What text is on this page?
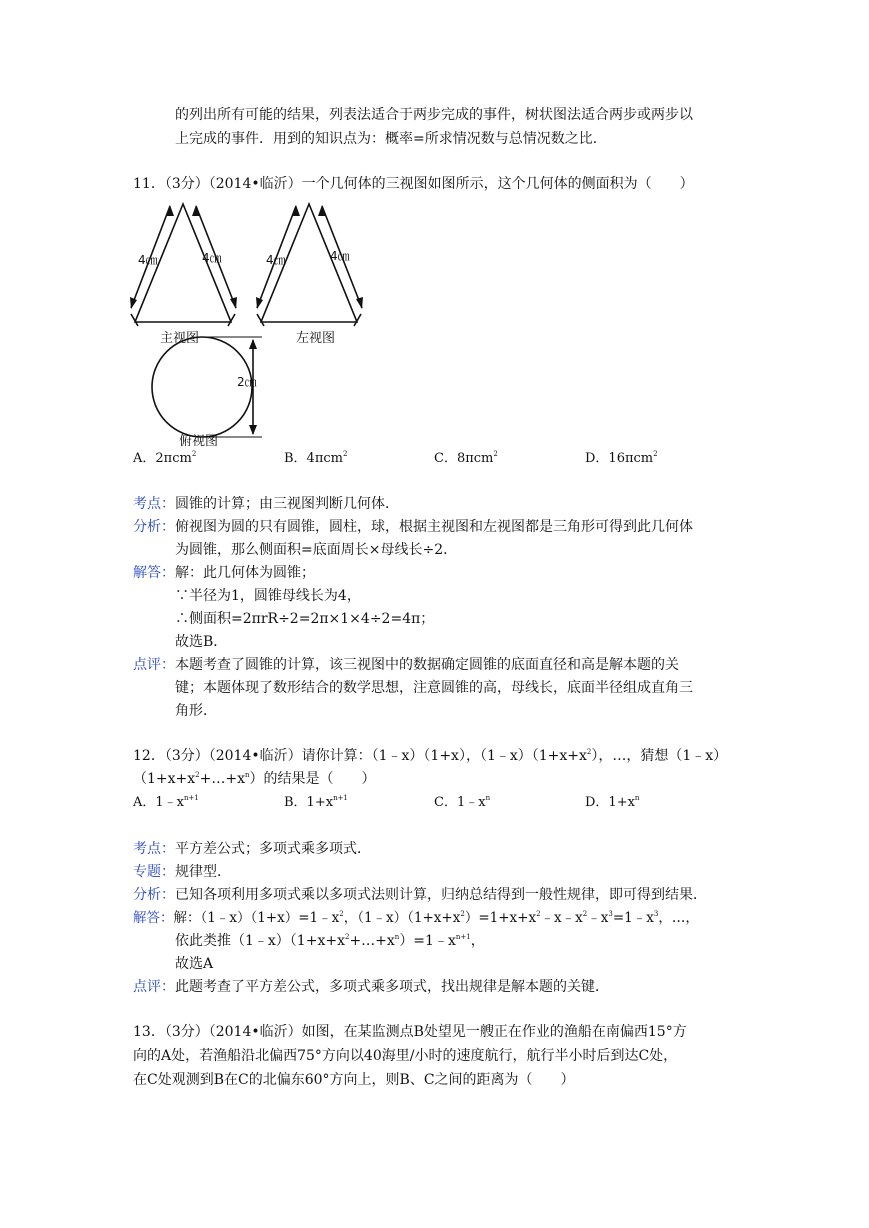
的列出所有可能的结果，列表法适合于两步完成的事件，树状图法适合两步或两步以
上完成的事件．用到的知识点为：概率=所求情况数与总情况数之比．
11．（3分）（2014•临沂）一个几何体的三视图如图所示，这个几何体的侧面积为（　　）
4㎝	4㎝	4㎝	4㎝
2㎝
主视图	左视图
俯视图
A．2πcm$^2$	B．4πcm$^2$	C．8πcm$^2$	D．16πcm$^2$
考点：圆锥的计算；由三视图判断几何体．
分析：俯视图为圆的只有圆锥，圆柱，球，根据主视图和左视图都是三角形可得到此几何体
为圆锥，那么侧面积=底面周长×母线长÷2．
解答：解：此几何体为圆锥；
∵半径为1，圆锥母线长为4，
∴侧面积=2πrR÷2=2π×1×4÷2=4π；
故选B．
点评：本题考查了圆锥的计算，该三视图中的数据确定圆锥的底面直径和高是解本题的关
键；本题体现了数形结合的数学思想，注意圆锥的高，母线长，底面半径组成直角三
角形．
12．（3分）（2014•临沂）请你计算：（1﹣x）（1+x），$(1﹣x)(1+x+x^2)$，…，猜想（1﹣x）
$(1+x+x^2+\dots+x^n)$的结果是（　　）
A．$1﹣x^{n+1}$	B．$1+x^{n+1}$	C．$1﹣x^n$	D．$1+x^n$
考点：平方差公式；多项式乘多项式．
专题：规律型．
分析：已知各项利用多项式乘以多项式法则计算，归纳总结得到一般性规律，即可得到结果．
解答：解：$(1﹣x)(1+x)=1﹣x^2$，$(1﹣x)(1+x+x^2)=1+x+x^2﹣x﹣x^2﹣x^3=1﹣x^3$，…，
依此类推$(1﹣x)(1+x+x^2+\dots+x^n)=1﹣x^{n+1}$，
故选A
点评：此题考查了平方差公式，多项式乘多项式，找出规律是解本题的关键．
13．（3分）（2014•临沂）如图，在某监测点B处望见一艘正在作业的渔船在南偏西15°方
向的A处，若渔船沿北偏西75°方向以40海里/小时的速度航行，航行半小时后到达C处，
在C处观测到B在C的北偏东60°方向上，则B、C之间的距离为（　　）
